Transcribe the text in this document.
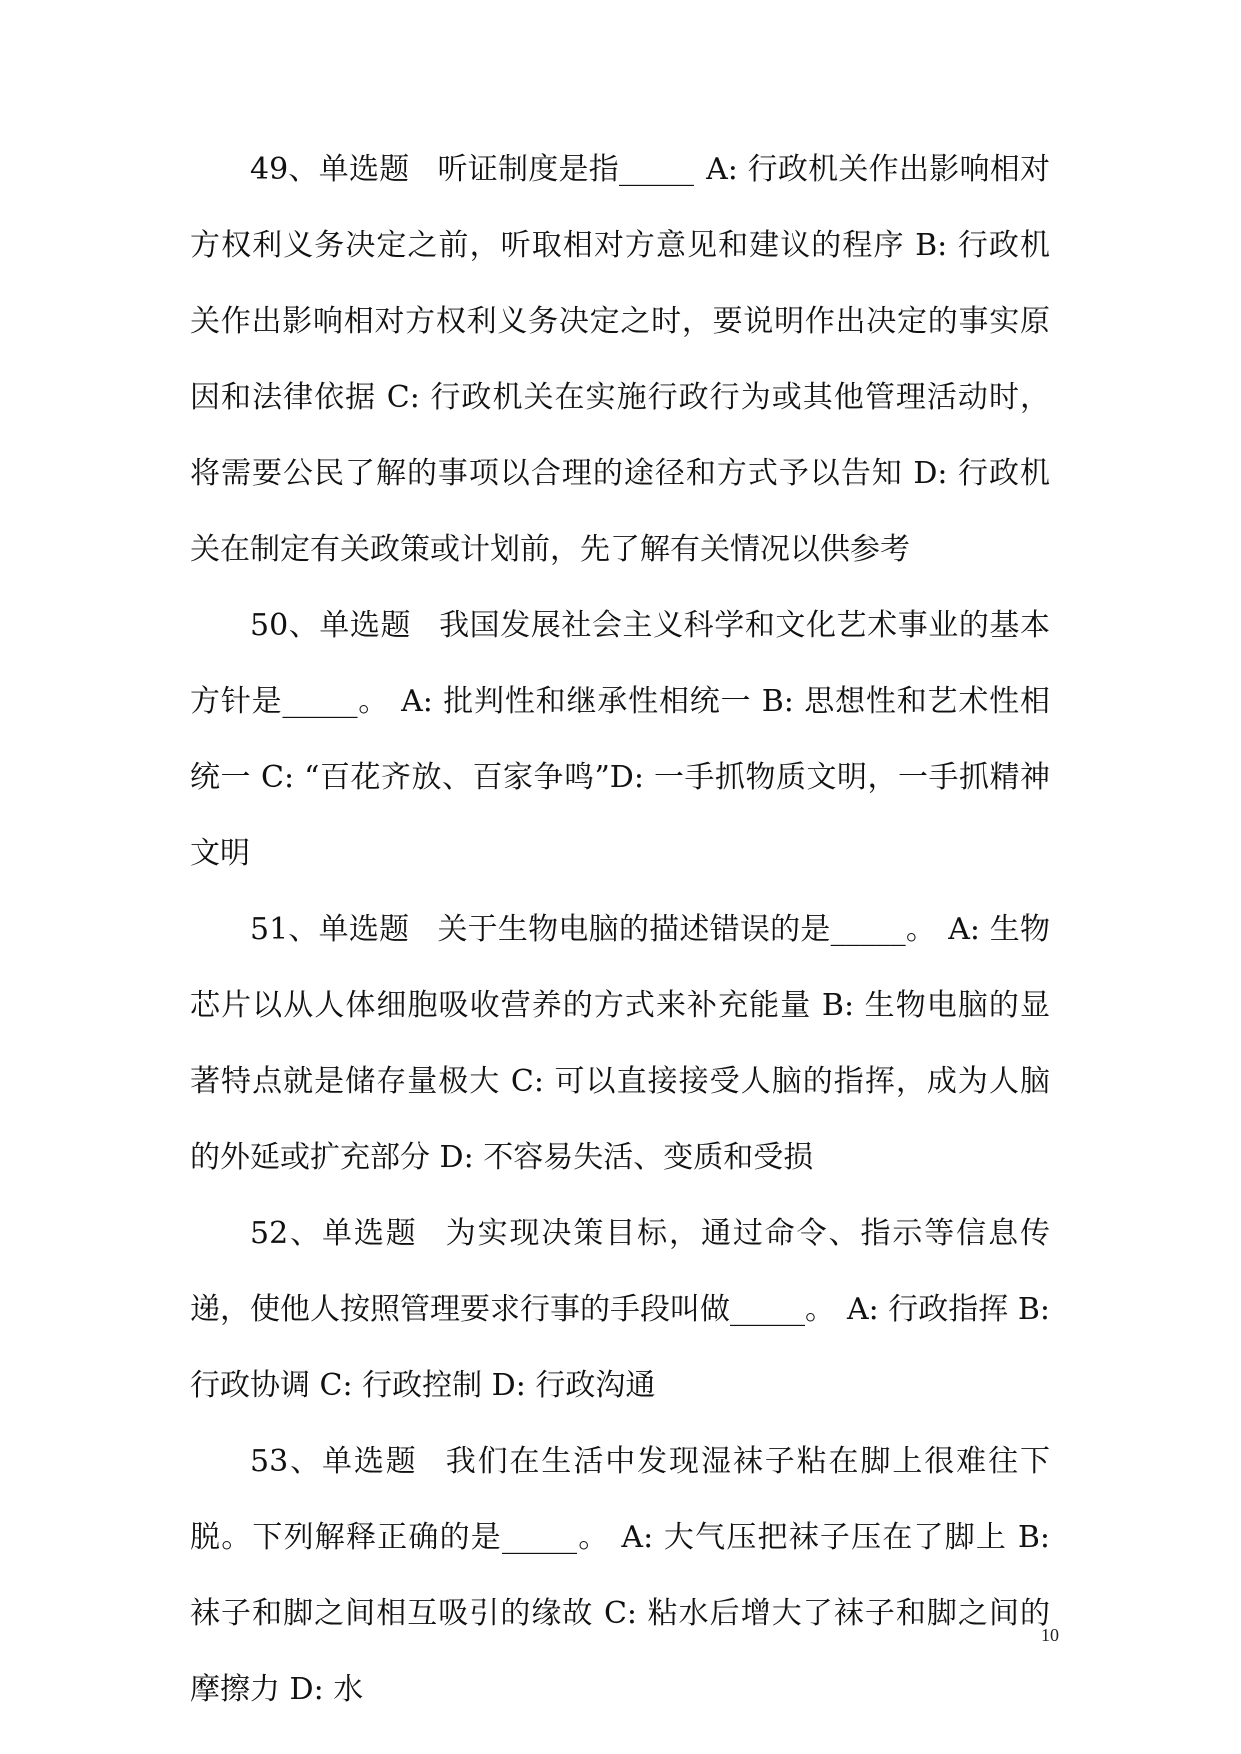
49、单选题 听证制度是指_____ A: 行政机关作出影响相对方权利义务决定之前，听取相对方意见和建议的程序 B: 行政机关作出影响相对方权利义务决定之时，要说明作出决定的事实原因和法律依据 C: 行政机关在实施行政行为或其他管理活动时，将需要公民了解的事项以合理的途径和方式予以告知 D: 行政机关在制定有关政策或计划前，先了解有关情况以供参考

50、单选题 我国发展社会主义科学和文化艺术事业的基本方针是_____。 A: 批判性和继承性相统一 B: 思想性和艺术性相统一 C: “百花齐放、百家争鸣”D: 一手抓物质文明，一手抓精神文明

51、单选题 关于生物电脑的描述错误的是_____。 A: 生物芯片以从人体细胞吸收营养的方式来补充能量 B: 生物电脑的显著特点就是储存量极大 C: 可以直接接受人脑的指挥，成为人脑的外延或扩充部分 D: 不容易失活、变质和受损

52、单选题 为实现决策目标，通过命令、指示等信息传递，使他人按照管理要求行事的手段叫做_____。 A: 行政指挥 B: 行政协调 C: 行政控制 D: 行政沟通

53、单选题 我们在生活中发现湿袜子粘在脚上很难往下脱。下列解释正确的是_____。 A: 大气压把袜子压在了脚上 B: 袜子和脚之间相互吸引的缘故 C: 粘水后增大了袜子和脚之间的摩擦力 D: 水

10
